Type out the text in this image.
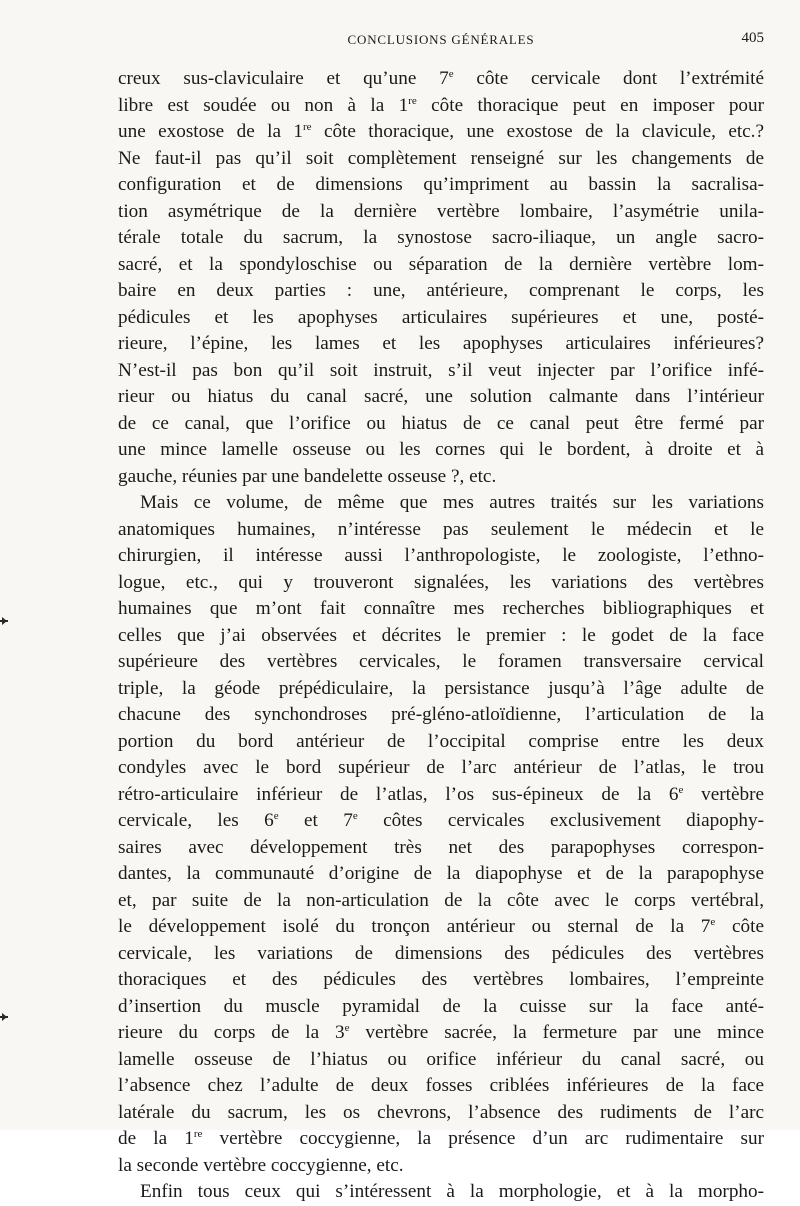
CONCLUSIONS GÉNÉRALES	405
creux sus-claviculaire et qu’une 7e côte cervicale dont l’extrémité
libre est soudée ou non à la 1re côte thoracique peut en imposer pour
une exostose de la 1re côte thoracique, une exostose de la clavicule, etc.?
Ne faut-il pas qu’il soit complètement renseigné sur les changements de
configuration et de dimensions qu’impriment au bassin la sacralisa-
tion asymétrique de la dernière vertèbre lombaire, l’asymétrie unila-
térale totale du sacrum, la synostose sacro-iliaque, un angle sacro-
sacré, et la spondyloschise ou séparation de la dernière vertèbre lom-
baire en deux parties : une, antérieure, comprenant le corps, les
pédicules et les apophyses articulaires supérieures et une, posté-
rieure, l’épine, les lames et les apophyses articulaires inférieures?
N’est-il pas bon qu’il soit instruit, s’il veut injecter par l’orifice infé-
rieur ou hiatus du canal sacré, une solution calmante dans l’intérieur
de ce canal, que l’orifice ou hiatus de ce canal peut être fermé par
une mince lamelle osseuse ou les cornes qui le bordent, à droite et à
gauche, réunies par une bandelette osseuse ?, etc.
Mais ce volume, de même que mes autres traités sur les variations
anatomiques humaines, n’intéresse pas seulement le médecin et le
chirurgien, il intéresse aussi l’anthropologiste, le zoologiste, l’ethno-
logue, etc., qui y trouveront signalées, les variations des vertèbres
humaines que m’ont fait connaître mes recherches bibliographiques et
celles que j’ai observées et décrites le premier : le godet de la face
supérieure des vertèbres cervicales, le foramen transversaire cervical
triple, la géode prépédiculaire, la persistance jusqu’à l’âge adulte de
chacune des synchondroses pré-gléno-atloïdienne, l’articulation de la
portion du bord antérieur de l’occipital comprise entre les deux
condyles avec le bord supérieur de l’arc antérieur de l’atlas, le trou
rétro-articulaire inférieur de l’atlas, l’os sus-épineux de la 6e vertèbre
cervicale, les 6e et 7e côtes cervicales exclusivement diapophy-
saires avec développement très net des parapophyses correspon-
dantes, la communauté d’origine de la diapophyse et de la parapophyse
et, par suite de la non-articulation de la côte avec le corps vertébral,
le développement isolé du tronçon antérieur ou sternal de la 7e côte
cervicale, les variations de dimensions des pédicules des vertèbres
thoraciques et des pédicules des vertèbres lombaires, l’empreinte
d’insertion du muscle pyramidal de la cuisse sur la face anté-
rieure du corps de la 3e vertèbre sacrée, la fermeture par une mince
lamelle osseuse de l’hiatus ou orifice inférieur du canal sacré, ou
l’absence chez l’adulte de deux fosses criblées inférieures de la face
latérale du sacrum, les os chevrons, l’absence des rudiments de l’arc
de la 1re vertèbre coccygienne, la présence d’un arc rudimentaire sur
la seconde vertèbre coccygienne, etc.
Enfin tous ceux qui s’intéressent à la morphologie, et à la morpho-
